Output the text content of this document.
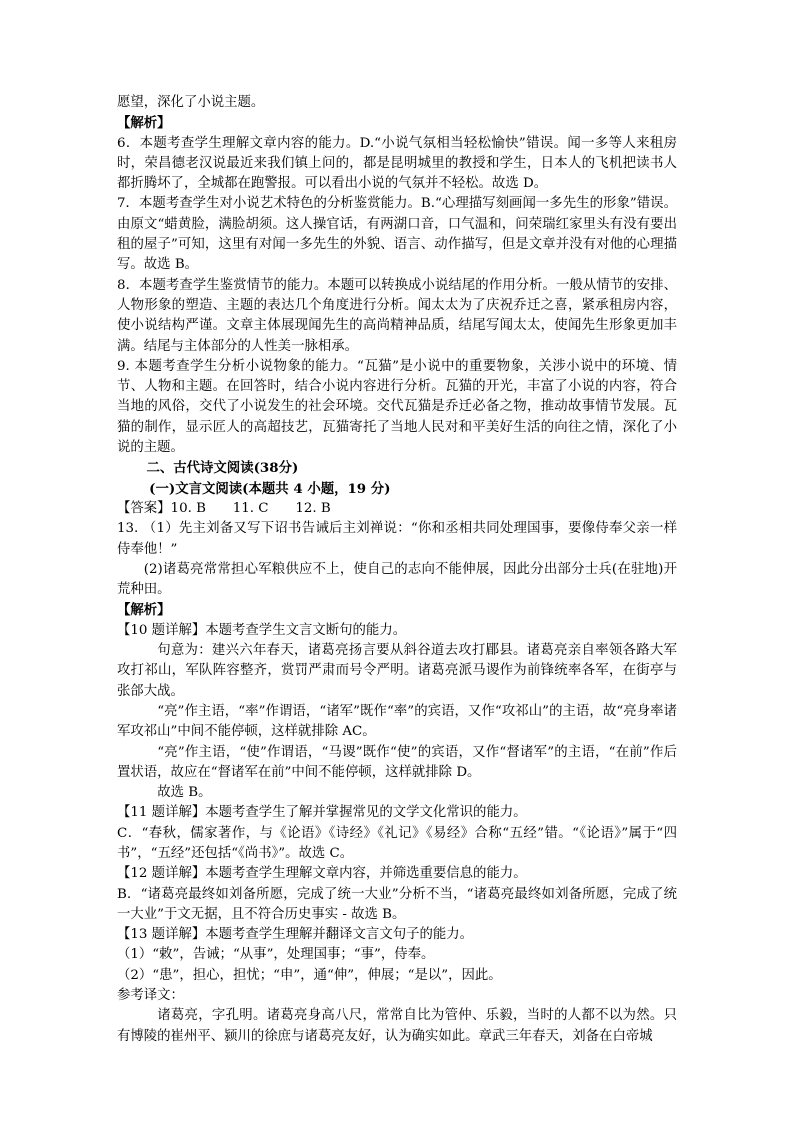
愿望，深化了小说主题。

【解析】

6．本题考查学生理解文章内容的能力。D.“小说气氛相当轻松愉快”错误。闻一多等人来租房时，荣昌德老汉说最近来我们镇上问的，都是昆明城里的教授和学生，日本人的飞机把读书人都折腾坏了，全城都在跑警报。可以看出小说的气氛并不轻松。故选 D。

7．本题考查学生对小说艺术特色的分析鉴赏能力。B.“心理描写刻画闻一多先生的形象”错误。由原文“蜡黄脸，满脸胡须。这人操官话，有两湖口音，口气温和，问荣瑞红家里头有没有要出租的屋子”可知，这里有对闻一多先生的外貌、语言、动作描写，但是文章并没有对他的心理描写。故选 B。

8．本题考查学生鉴赏情节的能力。本题可以转换成小说结尾的作用分析。一般从情节的安排、人物形象的塑造、主题的表达几个角度进行分析。闻太太为了庆祝乔迁之喜，紧承租房内容，使小说结构严谨。文章主体展现闻先生的高尚精神品质，结尾写闻太太，使闻先生形象更加丰满。结尾与主体部分的人性美一脉相承。

9. 本题考查学生分析小说物象的能力。“瓦猫”是小说中的重要物象，关涉小说中的环境、情节、人物和主题。在回答时，结合小说内容进行分析。瓦猫的开光，丰富了小说的内容，符合当地的风俗，交代了小说发生的社会环境。交代瓦猫是乔迁必备之物，推动故事情节发展。瓦猫的制作，显示匠人的高超技艺，瓦猫寄托了当地人民对和平美好生活的向往之情，深化了小说的主题。

二、古代诗文阅读(38分)

(一)文言文阅读(本题共 4 小题，19 分)

【答案】10. B　　11. C　　12. B

13. （1）先主刘备又写下诏书告诫后主刘禅说：“你和丞相共同处理国事，要像侍奉父亲一样侍奉他！”

(2)诸葛亮常常担心军粮供应不上，使自己的志向不能伸展，因此分出部分士兵(在驻地)开荒种田。

【解析】

【10 题详解】本题考查学生文言文断句的能力。

句意为：建兴六年春天，诸葛亮扬言要从斜谷道去攻打郿县。诸葛亮亲自率领各路大军攻打祁山，军队阵容整齐，赏罚严肃而号令严明。诸葛亮派马谡作为前锋统率各军，在街亭与张郃大战。

“亮”作主语，“率”作谓语，“诸军”既作“率”的宾语，又作“攻祁山”的主语，故“亮身率诸军攻祁山”中间不能停顿，这样就排除 AC。

“亮”作主语，“使”作谓语，“马谡”既作“使”的宾语，又作“督诸军”的主语，“在前”作后置状语，故应在“督诸军在前”中间不能停顿，这样就排除 D。

故选 B。

【11 题详解】本题考查学生了解并掌握常见的文学文化常识的能力。

C．“春秋，儒家著作，与《论语》《诗经》《礼记》《易经》合称“五经”错。“《论语》”属于“四书”，“五经”还包括“《尚书》”。故选 C。

【12 题详解】本题考查学生理解文章内容，并筛选重要信息的能力。

B．“诸葛亮最终如刘备所愿，完成了统一大业”分析不当，“诸葛亮最终如刘备所愿，完成了统一大业”于文无据，且不符合历史事实 - 故选 B。

【13 题详解】本题考查学生理解并翻译文言文句子的能力。

（1）“敕”，告诫；“从事”，处理国事；“事”，侍奉。

（2）“患”，担心，担忧；“申”，通“伸”，伸展；“是以”，因此。

参考译文：

诸葛亮，字孔明。诸葛亮身高八尺，常常自比为管仲、乐毅，当时的人都不以为然。只有博陵的崔州平、颍川的徐庶与诸葛亮友好，认为确实如此。章武三年春天，刘备在白帝城
